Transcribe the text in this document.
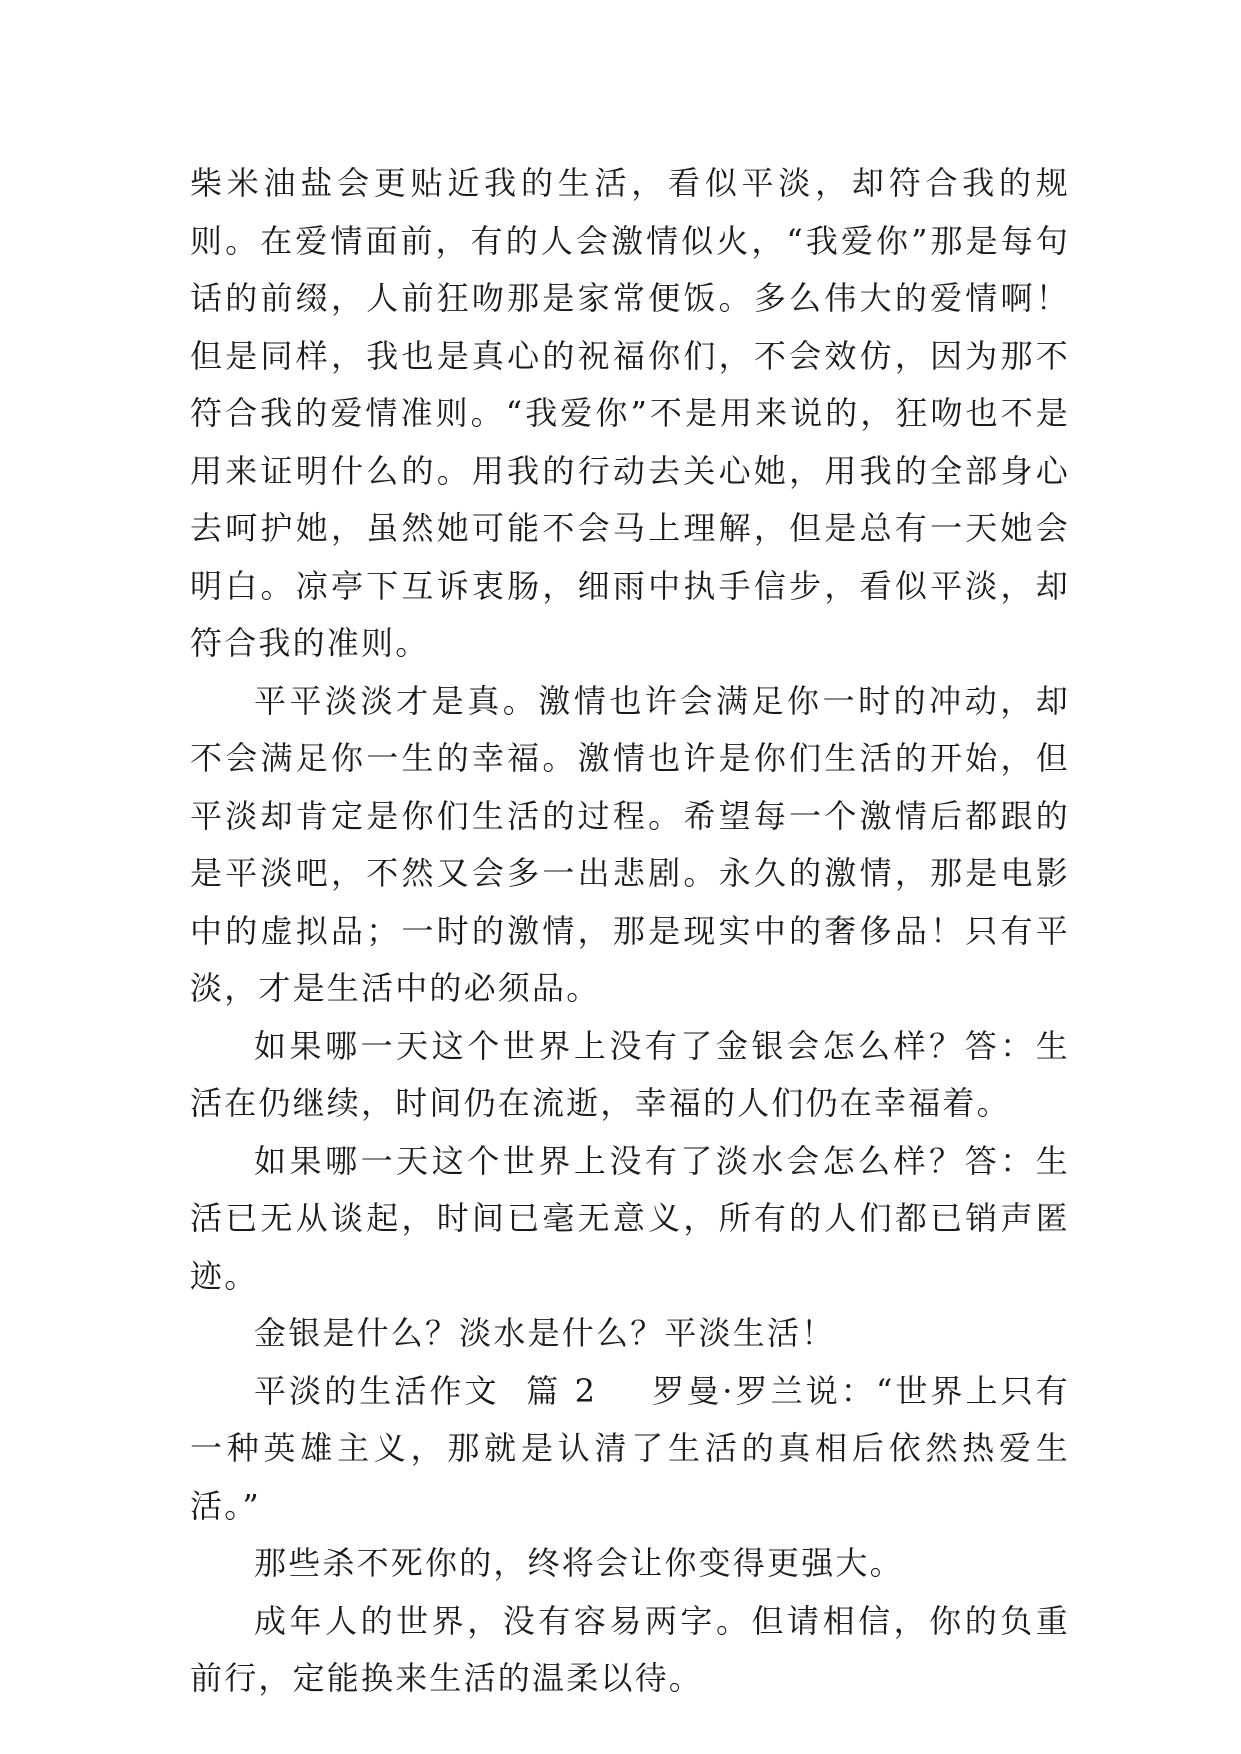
柴米油盐会更贴近我的生活，看似平淡，却符合我的规则。在爱情面前，有的人会激情似火，“我爱你”那是每句话的前缀，人前狂吻那是家常便饭。多么伟大的爱情啊！但是同样，我也是真心的祝福你们，不会效仿，因为那不符合我的爱情准则。“我爱你”不是用来说的，狂吻也不是用来证明什么的。用我的行动去关心她，用我的全部身心去呵护她，虽然她可能不会马上理解，但是总有一天她会明白。凉亭下互诉衷肠，细雨中执手信步，看似平淡，却符合我的准则。

平平淡淡才是真。激情也许会满足你一时的冲动，却不会满足你一生的幸福。激情也许是你们生活的开始，但平淡却肯定是你们生活的过程。希望每一个激情后都跟的是平淡吧，不然又会多一出悲剧。永久的激情，那是电影中的虚拟品；一时的激情，那是现实中的奢侈品！只有平淡，才是生活中的必须品。

如果哪一天这个世界上没有了金银会怎么样？答：生活在仍继续，时间仍在流逝，幸福的人们仍在幸福着。

如果哪一天这个世界上没有了淡水会怎么样？答：生活已无从谈起，时间已毫无意义，所有的人们都已销声匿迹。

金银是什么？淡水是什么？平淡生活！

平淡的生活作文 篇 2 罗曼·罗兰说：“世界上只有一种英雄主义，那就是认清了生活的真相后依然热爱生活。”

那些杀不死你的，终将会让你变得更强大。

成年人的世界，没有容易两字。但请相信，你的负重前行，定能换来生活的温柔以待。
